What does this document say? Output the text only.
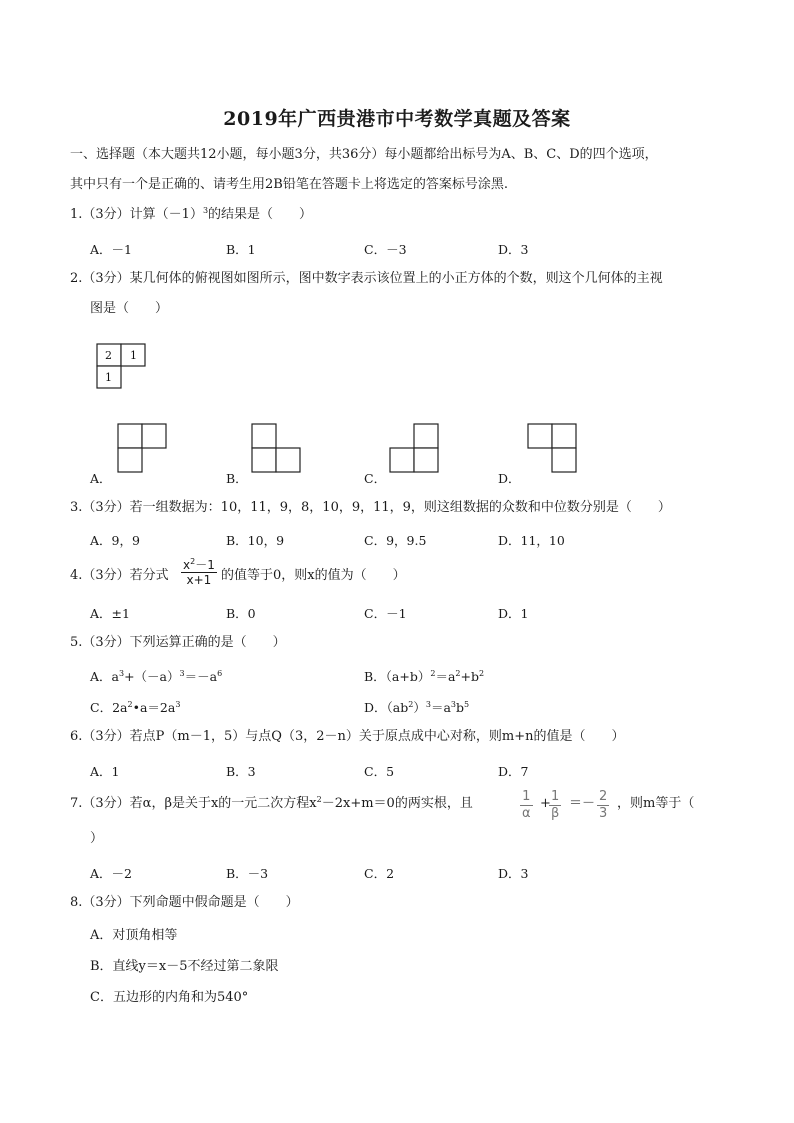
2019年广西贵港市中考数学真题及答案
一、选择题（本大题共12小题，每小题3分，共36分）每小题都给出标号为A、B、C、D的四个选项，
其中只有一个是正确的、请考生用2B铅笔在答题卡上将选定的答案标号涂黑.
1.（3分）计算$(-1)^3$的结果是（　　）
A．－1	B．1	C．－3	D．3
2.（3分）某几何体的俯视图如图所示，图中数字表示该位置上的小正方体的个数，则这个几何体的主视
图是（　　）
2 1
1
A．	B．	C．	D．
3.（3分）若一组数据为：10，11，9，8，10，9，11，9，则这组数据的众数和中位数分别是（　　）
A．9，9	B．10，9	C．9，9.5	D．11，10
4.（3分）若分式 $\frac{x^2-1}{x+1}$ 的值等于0，则x的值为（　　）
A．±1	B．0	C．－1	D．1
5.（3分）下列运算正确的是（　　）
A．$a^3+(-a)^3=-a^6$	B．$(a+b)^2=a^2+b^2$
C．$2a^2•a=2a^3$	D．$(ab^2)^3=a^3b^5$
6.（3分）若点P（m－1，5）与点Q（3，2－n）关于原点成中心对称，则m+n的值是（　　）
A．1	B．3	C．5	D．7
7.（3分）若α，β是关于x的一元二次方程$x^2-2x+m=0$的两实根，且	$\frac{1}{\alpha}$ +
$\frac{1}{\beta} =- \frac{2}{3}$ ，则m等于（
）
A．－2	B．－3	C．2	D．3
8.（3分）下列命题中假命题是（　　）
A．对顶角相等
B．直线y＝x－5不经过第二象限
C．五边形的内角和为540°
